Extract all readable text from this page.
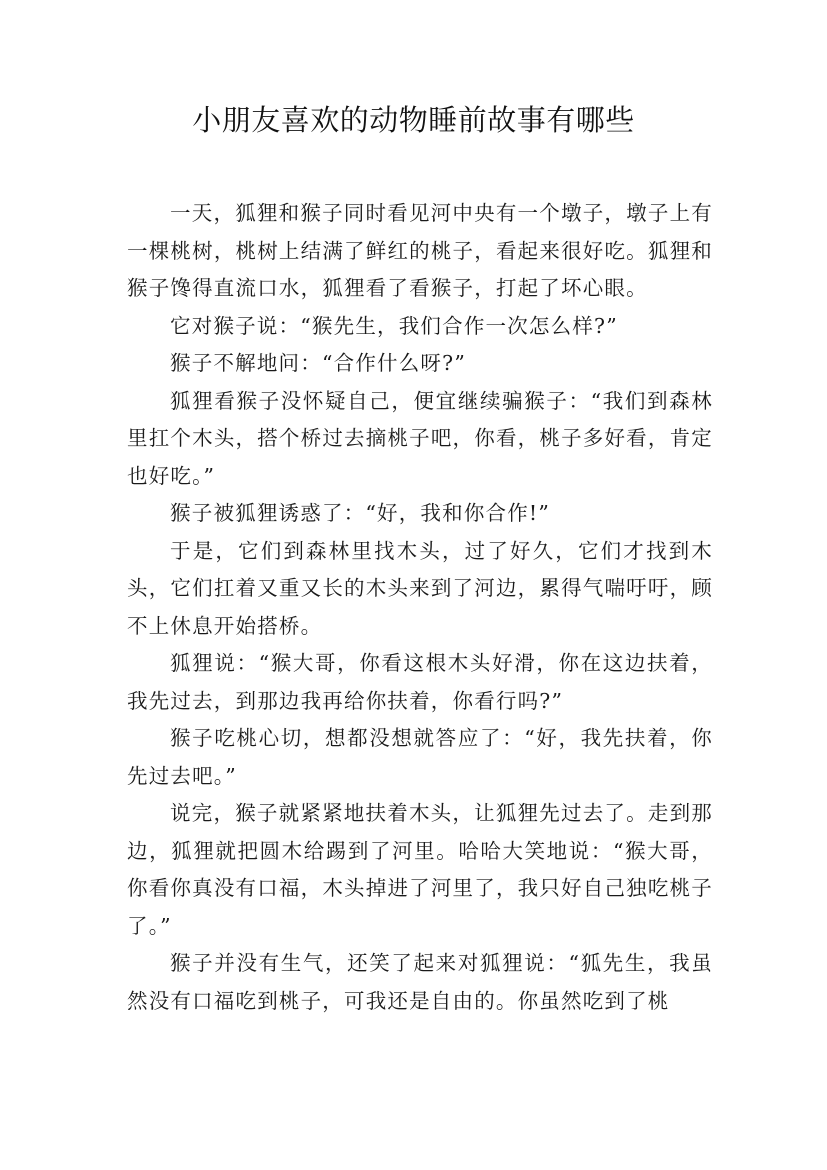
小朋友喜欢的动物睡前故事有哪些

一天，狐狸和猴子同时看见河中央有一个墩子，墩子上有一棵桃树，桃树上结满了鲜红的桃子，看起来很好吃。狐狸和猴子馋得直流口水，狐狸看了看猴子，打起了坏心眼。

它对猴子说：“猴先生，我们合作一次怎么样?”

猴子不解地问：“合作什么呀?”

狐狸看猴子没怀疑自己，便宜继续骗猴子：“我们到森林里扛个木头，搭个桥过去摘桃子吧，你看，桃子多好看，肯定也好吃。”

猴子被狐狸诱惑了：“好，我和你合作!”

于是，它们到森林里找木头，过了好久，它们才找到木头，它们扛着又重又长的木头来到了河边，累得气喘吁吁，顾不上休息开始搭桥。

狐狸说：“猴大哥，你看这根木头好滑，你在这边扶着，我先过去，到那边我再给你扶着，你看行吗?”

猴子吃桃心切，想都没想就答应了：“好，我先扶着，你先过去吧。”

说完，猴子就紧紧地扶着木头，让狐狸先过去了。走到那边，狐狸就把圆木给踢到了河里。哈哈大笑地说：“猴大哥，你看你真没有口福，木头掉进了河里了，我只好自己独吃桃子了。”

猴子并没有生气，还笑了起来对狐狸说：“狐先生，我虽然没有口福吃到桃子，可我还是自由的。你虽然吃到了桃
